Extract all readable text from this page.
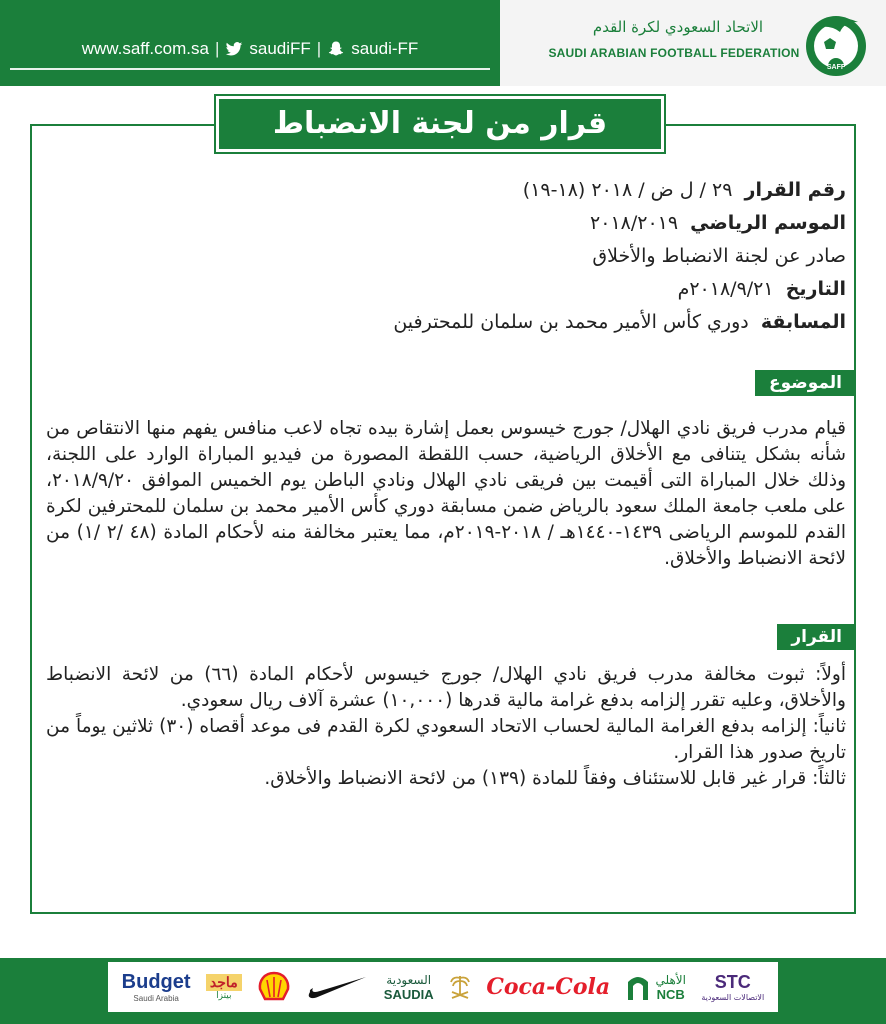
www.saff.com.sa | saudiFF | saudi-FF
الاتحاد السعودي لكرة القدم
SAUDI ARABIAN FOOTBALL FEDERATION
SAFF
قرار من لجنة الانضباط والأخلاق	رقم القرار  ٢٩ / ل ض / ٢٠١٨ (١٨-١٩)
الموسم الرياضي  ٢٠١٨/٢٠١٩
صادر عن لجنة الانضباط والأخلاق
التاريخ  ٢٠١٨/٩/٢١م
المسابقة  دوري كأس الأمير محمد بن سلمان للمحترفين
الموضوع
قيام مدرب فريق نادي الهلال/ جورج خيسوس بعمل إشارة بيده تجاه لاعب منافس يفهم منها الانتقاص من شأنه بشكل يتنافى مع الأخلاق الرياضية، حسب اللقطة المصورة من فيديو المباراة الوارد على اللجنة، وذلك خلال المباراة التى أقيمت بين فريقى نادي الهلال ونادي الباطن يوم الخميس الموافق ٢٠١٨/٩/٢٠، على ملعب جامعة الملك سعود بالرياض ضمن مسابقة دوري كأس الأمير محمد بن سلمان للمحترفين لكرة القدم للموسم الرياضى ١٤٣٩-١٤٤٠هـ / ٢٠١٨-٢٠١٩م، مما يعتبر مخالفة منه لأحكام المادة (٤٨ /٢ /١) من لائحة الانضباط والأخلاق.
القرار
أولاً: ثبوت مخالفة مدرب فريق نادي الهلال/ جورج خيسوس لأحكام المادة (٦٦) من لائحة الانضباط والأخلاق، وعليه تقرر إلزامه بدفع غرامة مالية قدرها (١٠,٠٠٠) عشرة آلاف ريال سعودي.
ثانياً: إلزامه بدفع الغرامة المالية لحساب الاتحاد السعودي لكرة القدم فى موعد أقصاه (٣٠) ثلاثين يوماً من تاريخ صدور هذا القرار.
ثالثاً: قرار غير قابل للاستئناف وفقاً للمادة (١٣٩) من لائحة الانضباط والأخلاق.
Budget
Saudi Arabia
ماجد
بيتزا
السعودية
SAUDIA Coca-Cola	الأهلي
NCB
STC
الاتصالات السعودية
